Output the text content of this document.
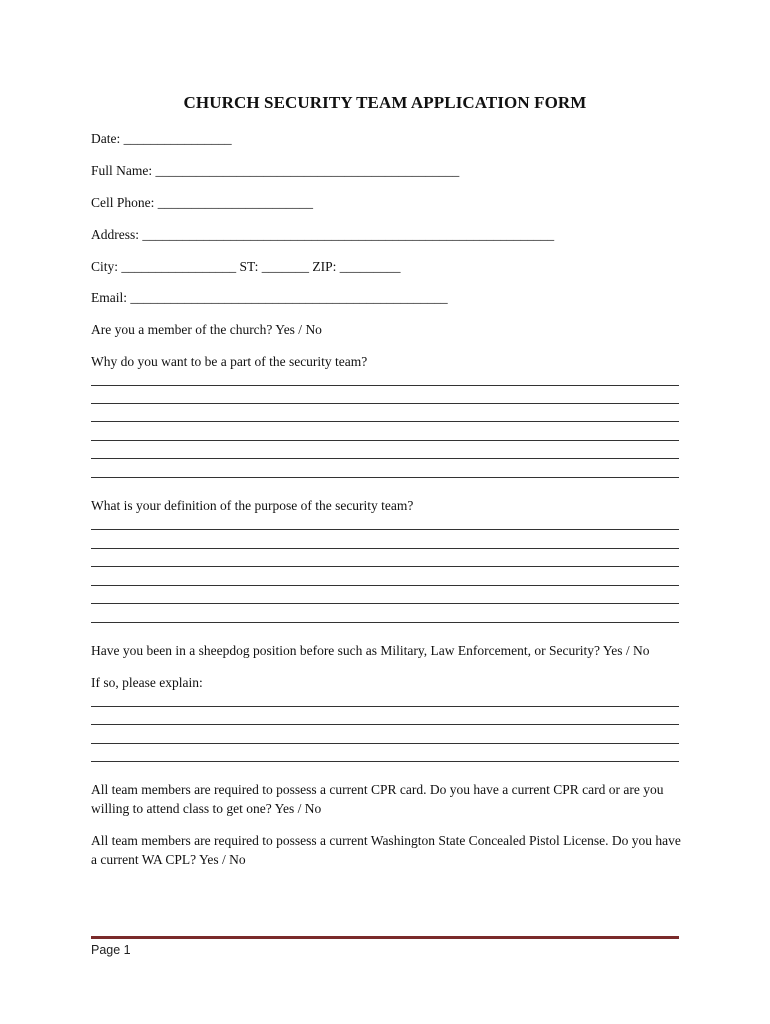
CHURCH SECURITY TEAM APPLICATION FORM
Date: ________________
Full Name: _____________________________________________
Cell Phone: _______________________
Address: _____________________________________________________________
City: _________________ ST: _______ ZIP: _________
Email: _______________________________________________
Are you a member of the church? Yes / No
Why do you want to be a part of the security team?
What is your definition of the purpose of the security team?
Have you been in a sheepdog position before such as Military, Law Enforcement, or Security? Yes / No
If so, please explain:
All team members are required to possess a current CPR card. Do you have a current CPR card or are you willing to attend class to get one? Yes / No
All team members are required to possess a current Washington State Concealed Pistol License. Do you have a current WA CPL? Yes / No
Page 1
